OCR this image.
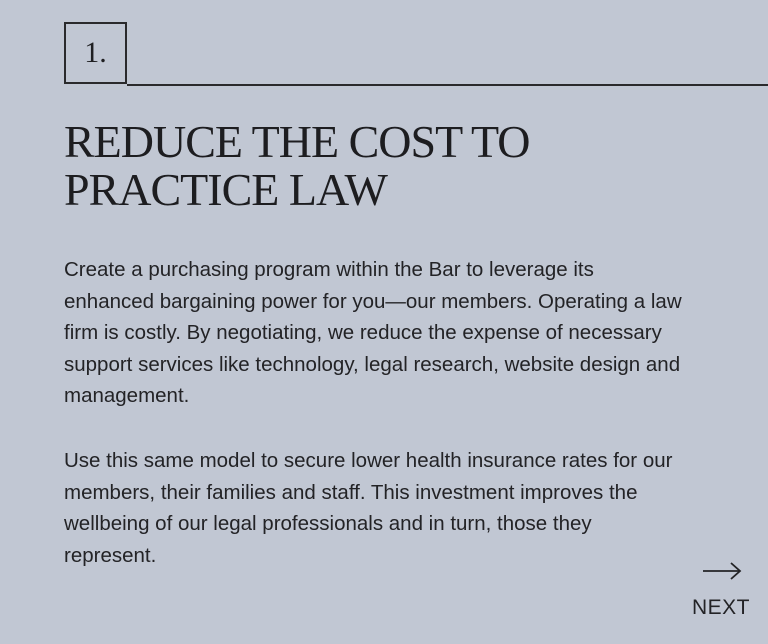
1.
REDUCE THE COST TO
PRACTICE LAW

Create a purchasing program within the Bar to leverage its enhanced bargaining power for you—our members. Operating a law firm is costly. By negotiating, we reduce the expense of necessary support services like technology, legal research, website design and management.

Use this same model to secure lower health insurance rates for our members, their families and staff. This investment improves the wellbeing of our legal professionals and in turn, those they represent.

NEXT
